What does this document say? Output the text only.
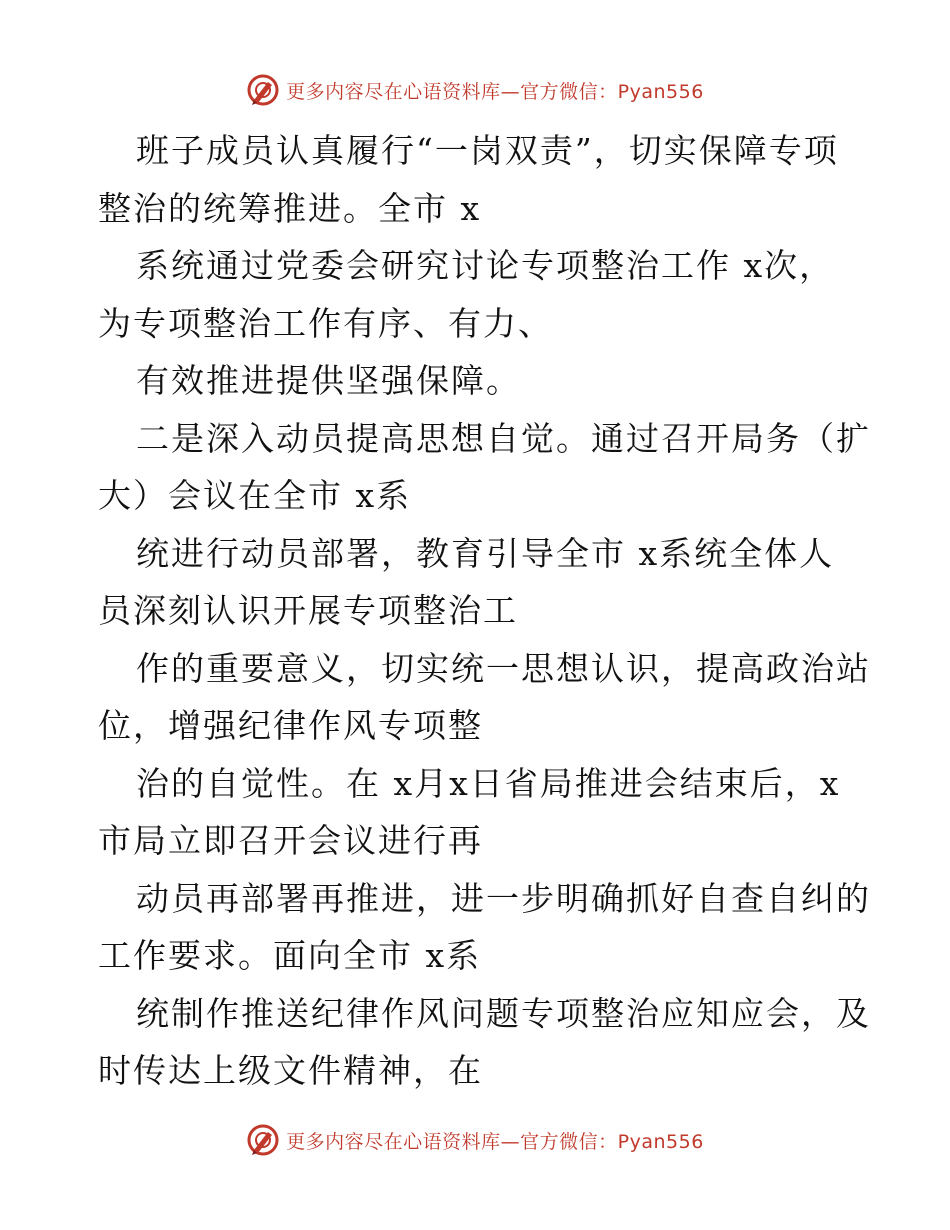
更多内容尽在心语资料库—官方微信：Pyan556
班子成员认真履行“一岗双责”，切实保障专项
整治的统筹推进。全市 x
系统通过党委会研究讨论专项整治工作 x次，
为专项整治工作有序、有力、
有效推进提供坚强保障。
二是深入动员提高思想自觉。通过召开局务（扩
大）会议在全市 x系
统进行动员部署，教育引导全市 x系统全体人
员深刻认识开展专项整治工
作的重要意义，切实统一思想认识，提高政治站
位，增强纪律作风专项整
治的自觉性。在 x月x日省局推进会结束后，x
市局立即召开会议进行再
动员再部署再推进，进一步明确抓好自查自纠的
工作要求。面向全市 x系
统制作推送纪律作风问题专项整治应知应会，及
时传达上级文件精神，在
更多内容尽在心语资料库—官方微信：Pyan556
